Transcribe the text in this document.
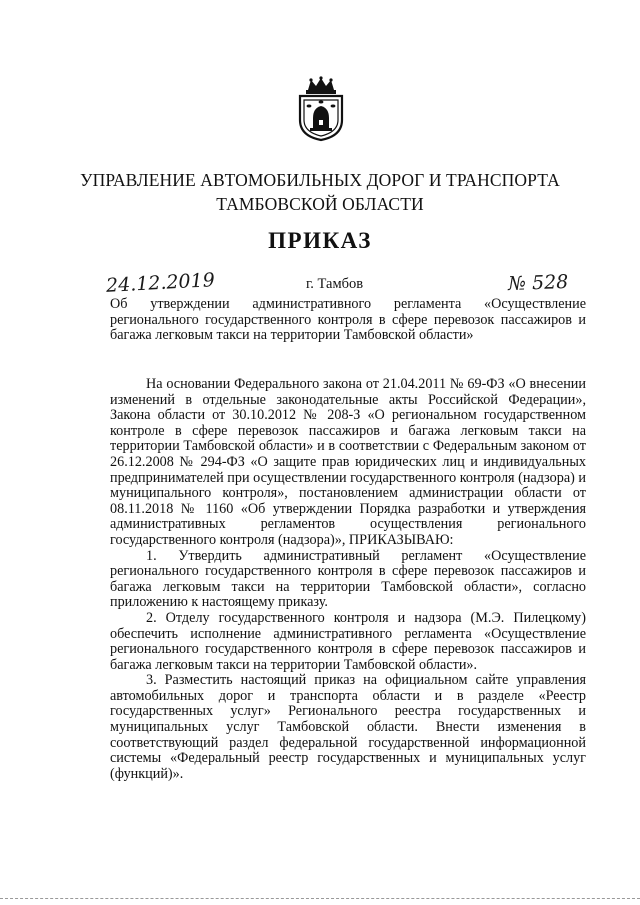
УПРАВЛЕНИЕ АВТОМОБИЛЬНЫХ ДОРОГ И ТРАНСПОРТА
ТАМБОВСКОЙ ОБЛАСТИ
ПРИКАЗ
24.12.2019	г. Тамбов	№ 528
Об утверждении административного регламента «Осуществление регионального государственного контроля в сфере перевозок пассажиров и багажа легковым такси на территории Тамбовской области»

На основании Федерального закона от 21.04.2011 № 69-ФЗ «О внесении изменений в отдельные законодательные акты Российской Федерации», Закона области от 30.10.2012 № 208-З «О региональном государственном контроле в сфере перевозок пассажиров и багажа легковым такси на территории Тамбовской области» и в соответствии с Федеральным законом от 26.12.2008 № 294-ФЗ «О защите прав юридических лиц и индивидуальных предпринимателей при осуществлении государственного контроля (надзора) и муниципального контроля», постановлением администрации области от 08.11.2018 № 1160 «Об утверждении Порядка разработки и утверждения административных регламентов осуществления регионального государственного контроля (надзора)», ПРИКАЗЫВАЮ:

1. Утвердить административный регламент «Осуществление регионального государственного контроля в сфере перевозок пассажиров и багажа легковым такси на территории Тамбовской области», согласно приложению к настоящему приказу.

2. Отделу государственного контроля и надзора (М.Э. Пилецкому) обеспечить исполнение административного регламента «Осуществление регионального государственного контроля в сфере перевозок пассажиров и багажа легковым такси на территории Тамбовской области».

3. Разместить настоящий приказ на официальном сайте управления автомобильных дорог и транспорта области и в разделе «Реестр государственных услуг» Регионального реестра государственных и муниципальных услуг Тамбовской области. Внести изменения в соответствующий раздел федеральной государственной информационной системы «Федеральный реестр государственных и муниципальных услуг (функций)».
